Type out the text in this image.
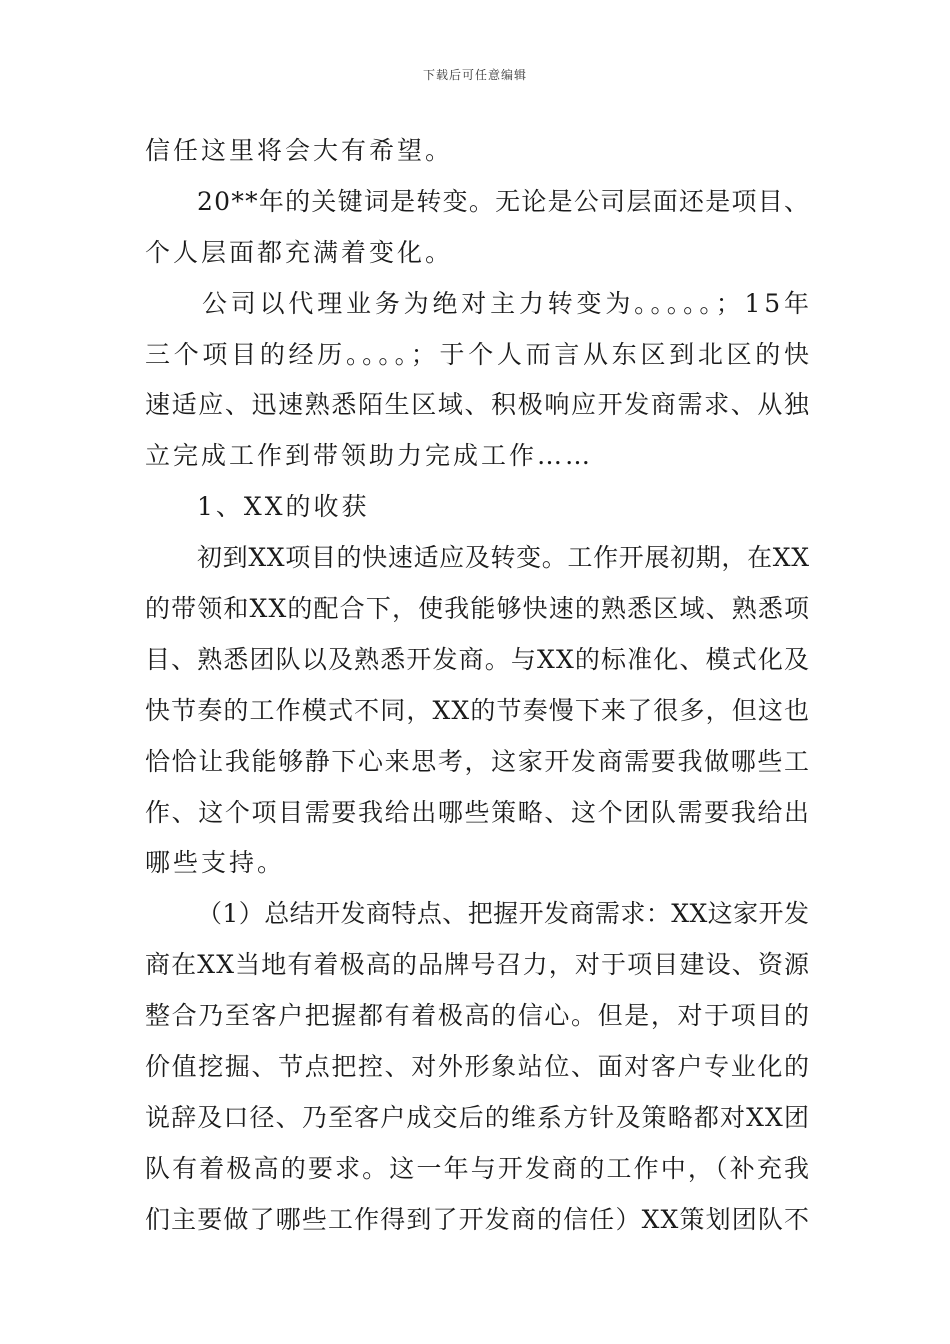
下载后可任意编辑
信任这里将会大有希望。
20**年的关键词是转变。无论是公司层面还是项目、
个人层面都充满着变化。
公司以代理业务为绝对主力转变为。。。。。；15年
三个项目的经历。。。。；于个人而言从东区到北区的快
速适应、迅速熟悉陌生区域、积极响应开发商需求、从独
立完成工作到带领助力完成工作……
1、XX的收获
初到XX项目的快速适应及转变。工作开展初期，在XX
的带领和XX的配合下，使我能够快速的熟悉区域、熟悉项
目、熟悉团队以及熟悉开发商。与XX的标准化、模式化及
快节奏的工作模式不同，XX的节奏慢下来了很多，但这也
恰恰让我能够静下心来思考，这家开发商需要我做哪些工
作、这个项目需要我给出哪些策略、这个团队需要我给出
哪些支持。
（1）总结开发商特点、把握开发商需求：XX这家开发
商在XX当地有着极高的品牌号召力，对于项目建设、资源
整合乃至客户把握都有着极高的信心。但是，对于项目的
价值挖掘、节点把控、对外形象站位、面对客户专业化的
说辞及口径、乃至客户成交后的维系方针及策略都对XX团
队有着极高的要求。这一年与开发商的工作中，（补充我
们主要做了哪些工作得到了开发商的信任）XX策划团队不
